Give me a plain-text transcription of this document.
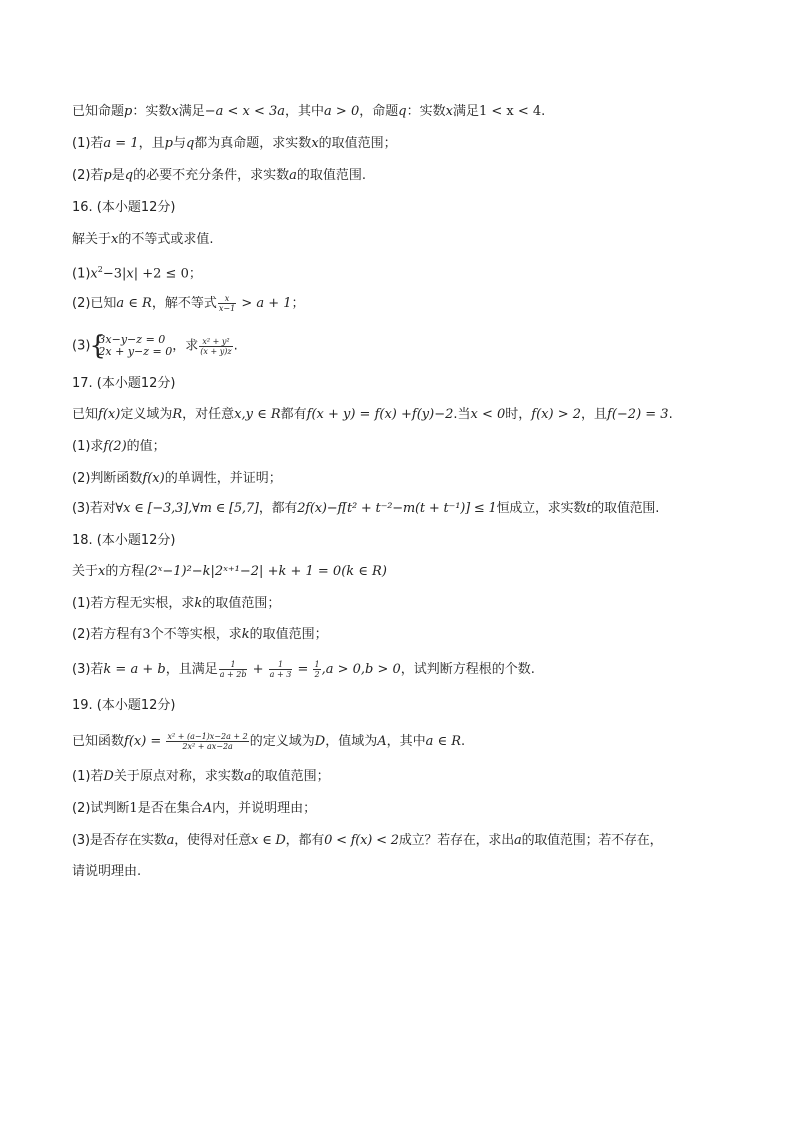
已知命题p：实数x满足−a < x < 3a，其中a > 0，命题q：实数x满足1 < x < 4.
(1)若a = 1，且p与q都为真命题，求实数x的取值范围；
(2)若p是q的必要不充分条件，求实数a的取值范围.
16. (本小题12分)
解关于x的不等式或求值.
$(1)x^2-3|x| +2 \le 0$；
(2)已知a ∈ R，解不等式 $\frac{x}{x-1} > a + 1$；
(3) {
3x−y−z = 0
2x + y−z = 0 ，求 $\frac{\text{x² + y²}}{(x + y)z}$ .
17. (本小题12分)
已知f(x)定义域为R，对任意x,y ∈ R都有f(x + y) = f(x) +f(y)−2.当x < 0时，f(x) > 2，且f(−2) = 3.
(1)求f(2)的值；
(2)判断函数f(x)的单调性，并证明；
(3)若对∀x ∈ [−3,3],∀m ∈ [5,7]，都有2f(x)−f[t² + t⁻²−m(t + t⁻¹)] ≤ 1恒成立，求实数t的取值范围.
18. (本小题12分)
关于x的方程(2ˣ−1)²−k|2ˣ⁺¹−2| +k + 1 = 0(k ∈ R)
(1)若方程无实根，求k的取值范围；
(2)若方程有3个不等实根，求k的取值范围；
(3)若k = a + b，且满足 $\frac{1}{a + 2b} + \frac{1}{a + 3} = \frac{1}{2} ,a > 0,b > 0$，试判断方程根的个数.
19. (本小题12分)
已知函数$f(x) = \frac{\text{x² + (a−1)x−2a + 2}}{\text{2x² + ax−2a}}$ 的定义域为D，值域为A，其中a ∈ R.
(1)若D关于原点对称，求实数a的取值范围；
(2)试判断1是否在集合A内，并说明理由；
(3)是否存在实数a，使得对任意x ∈ D，都有0 < f(x) < 2成立？若存在，求出a的取值范围；若不存在，
请说明理由.
